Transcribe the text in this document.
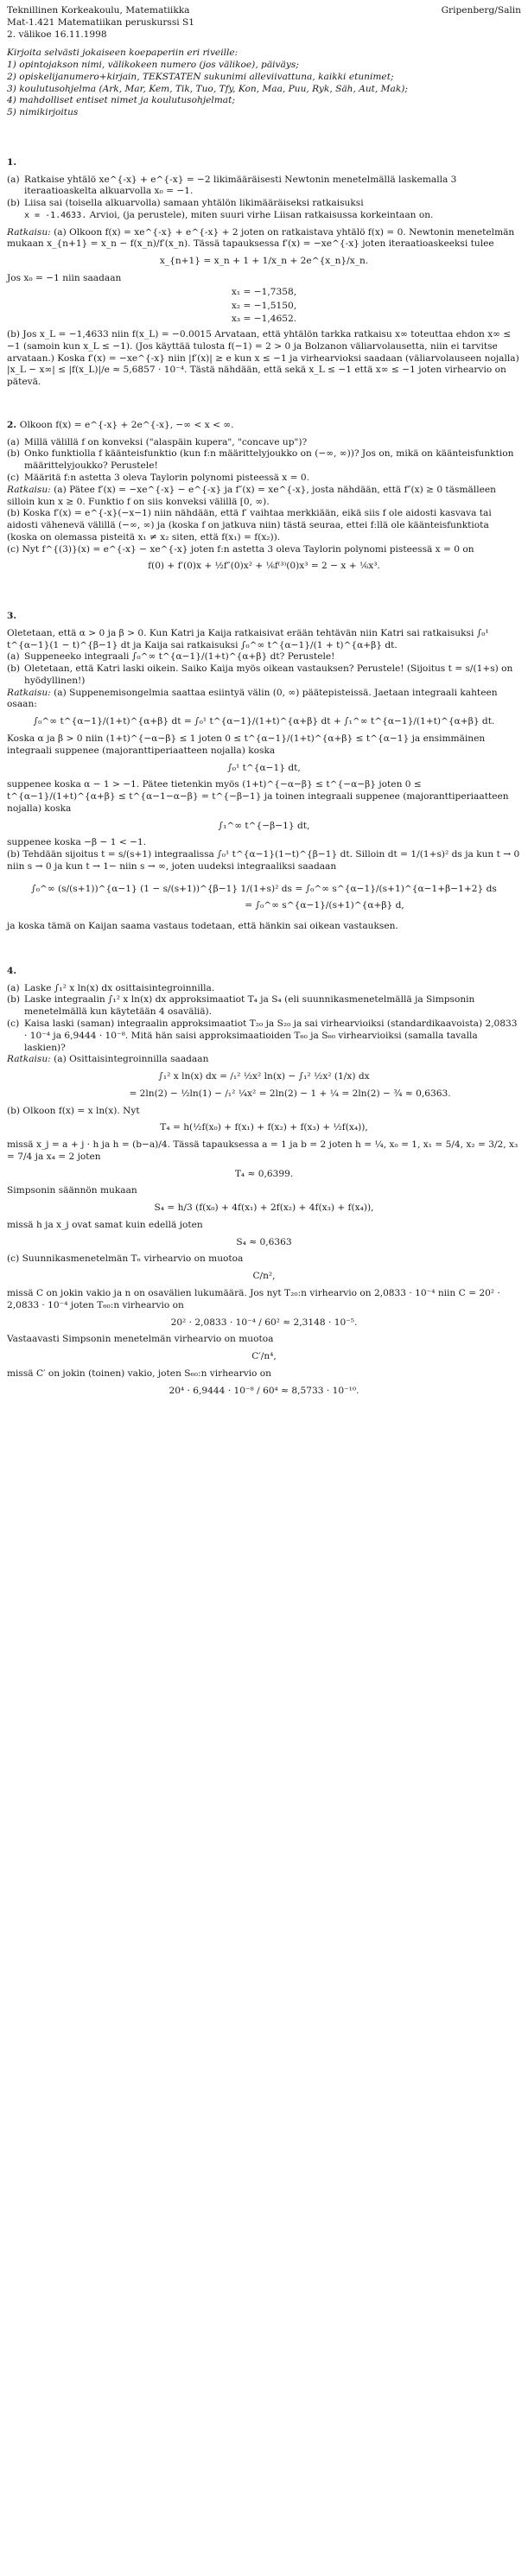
Teknillinen Korkeakoulu, Matematiikka	Gripenberg/Salin

Mat-1.421 Matematiikan peruskurssi S1

2. välikoe 16.11.1998

Kirjoita selvästi jokaiseen koepaperiin eri riveille:

1) opintojakson nimi, välikokeen numero (jos välikoe), päiväys;

2) opiskelijanumero+kirjain, TEKSTATEN sukunimi alleviivattuna, kaikki etunimet;

3) koulutusohjelma (Ark, Mar, Kem, Tik, Tuo, Tfy, Kon, Maa, Puu, Ryk, Säh, Aut, Mak);

4) mahdolliset entiset nimet ja koulutusohjelmat;

5) nimikirjoitus

1.

(a) Ratkaise yhtälö xe^{-x} + e^{-x} = −2 likimääräisesti Newtonin menetelmällä laskemalla 3 iteraatioaskelta alkuarvolla x₀ = −1.
(b) Liisa sai (toisella alkuarvolla) samaan yhtälön likimääräiseksi ratkaisuksi
x = -1.4633. Arvioi, (ja perustele), miten suuri virhe Liisan ratkaisussa korkeintaan on.

Ratkaisu: (a) Olkoon f(x) = xe^{-x} + e^{-x} + 2 joten on ratkaistava yhtälö f(x) = 0. Newtonin menetelmän mukaan x_{n+1} = x_n − f(x_n)/f′(x_n). Tässä tapauksessa f′(x) = −xe^{-x} joten iteraatioaskeeksi tulee

x_{n+1} = x_n + 1 + 1/x_n + 2e^{x_n}/x_n.

Jos x₀ = −1 niin saadaan

x₁ = −1,7358,

x₂ = −1,5150,

x₃ = −1,4652.

(b) Jos x_L = −1,4633 niin f(x_L) = −0.0015 Arvataan, että yhtälön tarkka ratkaisu x∞ toteuttaa ehdon x∞ ≤ −1 (samoin kun x_L ≤ −1). (Jos käyttää tulosta f(−1) = 2 > 0 ja Bolzanon väliarvolausetta, niin ei tarvitse arvataan.) Koska f′(x) = −xe^{-x} niin |f′(x)| ≥ e kun x ≤ −1 ja virhearvioksi saadaan (väliarvolauseen nojalla) |x_L − x∞| ≤ |f(x_L)|/e ≈ 5,6857 · 10⁻⁴. Tästä nähdään, että sekä x_L ≤ −1 että x∞ ≤ −1 joten virhearvio on pätevä.

2. Olkoon f(x) = e^{-x} + 2e^{-x}, −∞ < x < ∞.

(a) Millä välillä f on konveksi ("alaspäin kupera", "concave up")?
(b) Onko funktiolla f käänteisfunktio (kun f:n määrittelyjoukko on (−∞, ∞))? Jos on, mikä on käänteisfunktion määrittelyjoukko? Perustele!
(c) Määritä f:n astetta 3 oleva Taylorin polynomi pisteessä x = 0.

Ratkaisu: (a) Pätee f′(x) = −xe^{-x} − e^{-x} ja f″(x) = xe^{-x}, josta nähdään, että f″(x) ≥ 0 täsmälleen silloin kun x ≥ 0. Funktio f on siis konveksi välillä [0, ∞).

(b) Koska f′(x) = e^{-x}(−x−1) niin nähdään, että f′ vaihtaa merkkiään, eikä siis f ole aidosti kasvava tai aidosti vähenevä välillä (−∞, ∞) ja (koska f on jatkuva niin) tästä seuraa, ettei f:llä ole käänteisfunktiota (koska on olemassa pisteitä x₁ ≠ x₂ siten, että f(x₁) = f(x₂)).

(c) Nyt f^{(3)}(x) = e^{-x} − xe^{-x} joten f:n astetta 3 oleva Taylorin polynomi pisteessä x = 0 on

f(0) + f′(0)x + ½f″(0)x² + ⅙f⁽³⁾(0)x³ = 2 − x + ⅙x³.

3.

Oletetaan, että α > 0 ja β > 0. Kun Katri ja Kaija ratkaisivat erään tehtävän niin Katri sai ratkaisuksi ∫₀¹ t^{α−1}(1 − t)^{β−1} dt ja Kaija sai ratkaisuksi ∫₀^∞ t^{α−1}/(1 + t)^{α+β} dt.

(a) Suppeneeko integraali ∫₀^∞ t^{α−1}/(1+t)^{α+β} dt? Perustele!
(b) Oletetaan, että Katri laski oikein. Saiko Kaija myös oikean vastauksen? Perustele! (Sijoitus t = s/(1+s) on hyödyllinen!)

Ratkaisu: (a) Suppenemisongelmia saattaa esiintyä välin (0, ∞) päätepisteissä. Jaetaan integraali kahteen osaan:

∫₀^∞ t^{α−1}/(1+t)^{α+β} dt = ∫₀¹ t^{α−1}/(1+t)^{α+β} dt + ∫₁^∞ t^{α−1}/(1+t)^{α+β} dt.

Koska α ja β > 0 niin (1+t)^{−α−β} ≤ 1 joten 0 ≤ t^{α−1}/(1+t)^{α+β} ≤ t^{α−1} ja ensimmäinen integraali suppenee (majoranttiperiaatteen nojalla) koska

∫₀¹ t^{α−1} dt,

suppenee koska α − 1 > −1. Pätee tietenkin myös (1+t)^{−α−β} ≤ t^{−α−β} joten 0 ≤ t^{α−1}/(1+t)^{α+β} ≤ t^{α−1−α−β} = t^{−β−1} ja toinen integraali suppenee (majoranttiperiaatteen nojalla) koska

∫₁^∞ t^{−β−1} dt,

suppenee koska −β − 1 < −1.

(b) Tehdään sijoitus t = s/(s+1) integraalissa ∫₀¹ t^{α−1}(1−t)^{β−1} dt. Silloin dt = 1/(1+s)² ds ja kun t → 0 niin s → 0 ja kun t → 1− niin s → ∞, joten uudeksi integraaliksi saadaan

∫₀^∞ (s/(s+1))^{α−1} (1 − s/(s+1))^{β−1} 1/(1+s)² ds = ∫₀^∞ s^{α−1}/(s+1)^{α−1+β−1+2} ds

= ∫₀^∞ s^{α−1}/(s+1)^{α+β} d,

ja koska tämä on Kaijan saama vastaus todetaan, että hänkin sai oikean vastauksen.

4.

(a) Laske ∫₁² x ln(x) dx osittaisintegroinnilla.
(b) Laske integraalin ∫₁² x ln(x) dx approksimaatiot T₄ ja S₄ (eli suunnikasmenetelmällä ja Simpsonin menetelmällä kun käytetään 4 osaväliä).
(c) Kaisa laski (saman) integraalin approksimaatiot T₂₀ ja S₂₀ ja sai virhearvioiksi (standardikaavoista) 2,0833 · 10⁻⁴ ja 6,9444 · 10⁻⁸. Mitä hän saisi approksimaatioiden T₆₀ ja S₆₀ virhearvioiksi (samalla tavalla laskien)?

Ratkaisu: (a) Osittaisintegroinnilla saadaan

∫₁² x ln(x) dx = /₁² ½x² ln(x) − ∫₁² ½x² (1/x) dx

= 2ln(2) − ½ln(1) − /₁² ¼x² = 2ln(2) − 1 + ¼ = 2ln(2) − ¾ ≈ 0,6363.

(b) Olkoon f(x) = x ln(x). Nyt

T₄ = h(½f(x₀) + f(x₁) + f(x₂) + f(x₃) + ½f(x₄)),

missä x_j = a + j · h ja h = (b−a)/4. Tässä tapauksessa a = 1 ja b = 2 joten h = ¼, x₀ = 1, x₁ = 5/4, x₂ = 3/2, x₃ = 7/4 ja x₄ = 2 joten

T₄ ≈ 0,6399.

Simpsonin säännön mukaan

S₄ = h/3 (f(x₀) + 4f(x₁) + 2f(x₂) + 4f(x₃) + f(x₄)),

missä h ja x_j ovat samat kuin edellä joten

S₄ ≈ 0,6363

(c) Suunnikasmenetelmän Tₙ virhearvio on muotoa

C/n²,

missä C on jokin vakio ja n on osavälien lukumäärä. Jos nyt T₂₀:n virhearvio on 2,0833 · 10⁻⁴ niin C = 20² · 2,0833 · 10⁻⁴ joten T₆₀:n virhearvio on

20² · 2,0833 · 10⁻⁴ / 60² ≈ 2,3148 · 10⁻⁵.

Vastaavasti Simpsonin menetelmän virhearvio on muotoa

C′/n⁴,

missä C′ on jokin (toinen) vakio, joten S₆₀:n virhearvio on

20⁴ · 6,9444 · 10⁻⁸ / 60⁴ ≈ 8,5733 · 10⁻¹⁰.
